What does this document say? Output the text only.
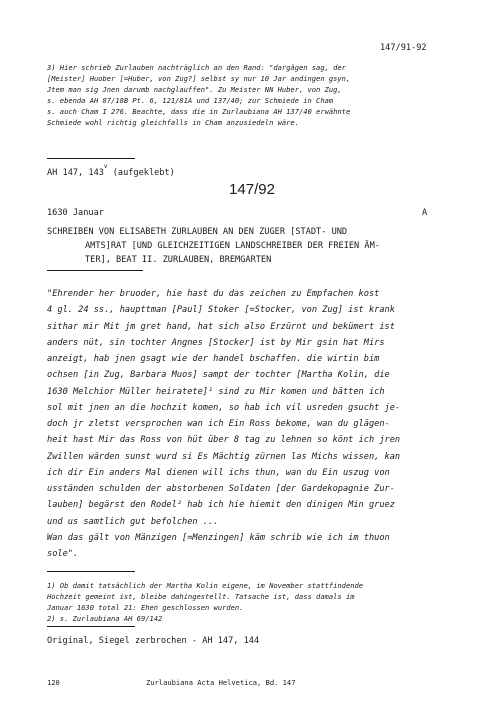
147/91-92
3) Hier schrieb Zurlauben nachträglich an den Rand: "dargägen sag, der
[Meister] Huober [=Huber, von Zug?] selbst sy nur 10 Jar andingen gsyn,
Jtem man sig Jnen darumb nachglauffen". Zu Meister NN Huber, von Zug,
s. ebenda AH 87/18B Pt. 6, 121/81A und 137/40; zur Schmiede in Cham
s. auch Cham I 276. Beachte, dass die in Zurlaubiana AH 137/40 erwähnte
Schmiede wohl richtig gleichfalls in Cham anzusiedeln wäre.
AH 147, 143$^v$ (aufgeklebt)
147/92
1630 Januar	A
SCHREIBEN VON ELISABETH ZURLAUBEN AN DEN ZUGER [STADT- UND
AMTS]RAT [UND GLEICHZEITIGEN LANDSCHREIBER DER FREIEN ÄM-
TER], BEAT II. ZURLAUBEN, BREMGARTEN
"Ehrender her bruoder, hie hast du das zeichen zu Empfachen kost
4 gl. 24 ss., haupttman [Paul] Stoker [=Stocker, von Zug] ist krank
sithar mir Mit jm gret hand, hat sich also Erzürnt und bekümert ist
anders nüt, sin tochter Angnes [Stocker] ist by Mir gsin hat Mirs
anzeigt, hab jnen gsagt wie der handel bschaffen. die wirtin bim
ochsen [in Zug, Barbara Muos] sampt der tochter [Martha Kolin, die
1630 Melchior Müller heiratete]¹ sind zu Mir komen und bätten ich
sol mit jnen an die hochzit komen, so hab ich vil usreden gsucht je-
doch jr zletst versprochen wan ich Ein Ross bekome, wan du glägen-
heit hast Mir das Ross von hüt über 8 tag zu lehnen so könt ich jren
Zwillen wärden sunst wurd si Es Mächtig zürnen las Michs wissen, kan
ich dir Ein anders Mal dienen will ichs thun, wan du Ein uszug von
usständen schulden der abstorbenen Soldaten [der Gardekopagnie Zur-
lauben] begärst den Rodel² hab ich hie hiemit den dinigen Min gruez
und us samtlich gut befolchen ...
Wan das gält von Mänzigen [=Menzingen] käm schrib wie ich im thuon
sole".
1) Ob damit tatsächlich der Martha Kolin eigene, im November stattfindende
Hochzeit gemeint ist, bleibe dahingestellt. Tatsache ist, dass damals im
Januar 1630 total 21: Ehen geschlossen wurden.
2) s. Zurlaubiana AH 69/142
Original, Siegel zerbrochen - AH 147, 144
120	Zurlaubiana Acta Helvetica, Bd. 147
